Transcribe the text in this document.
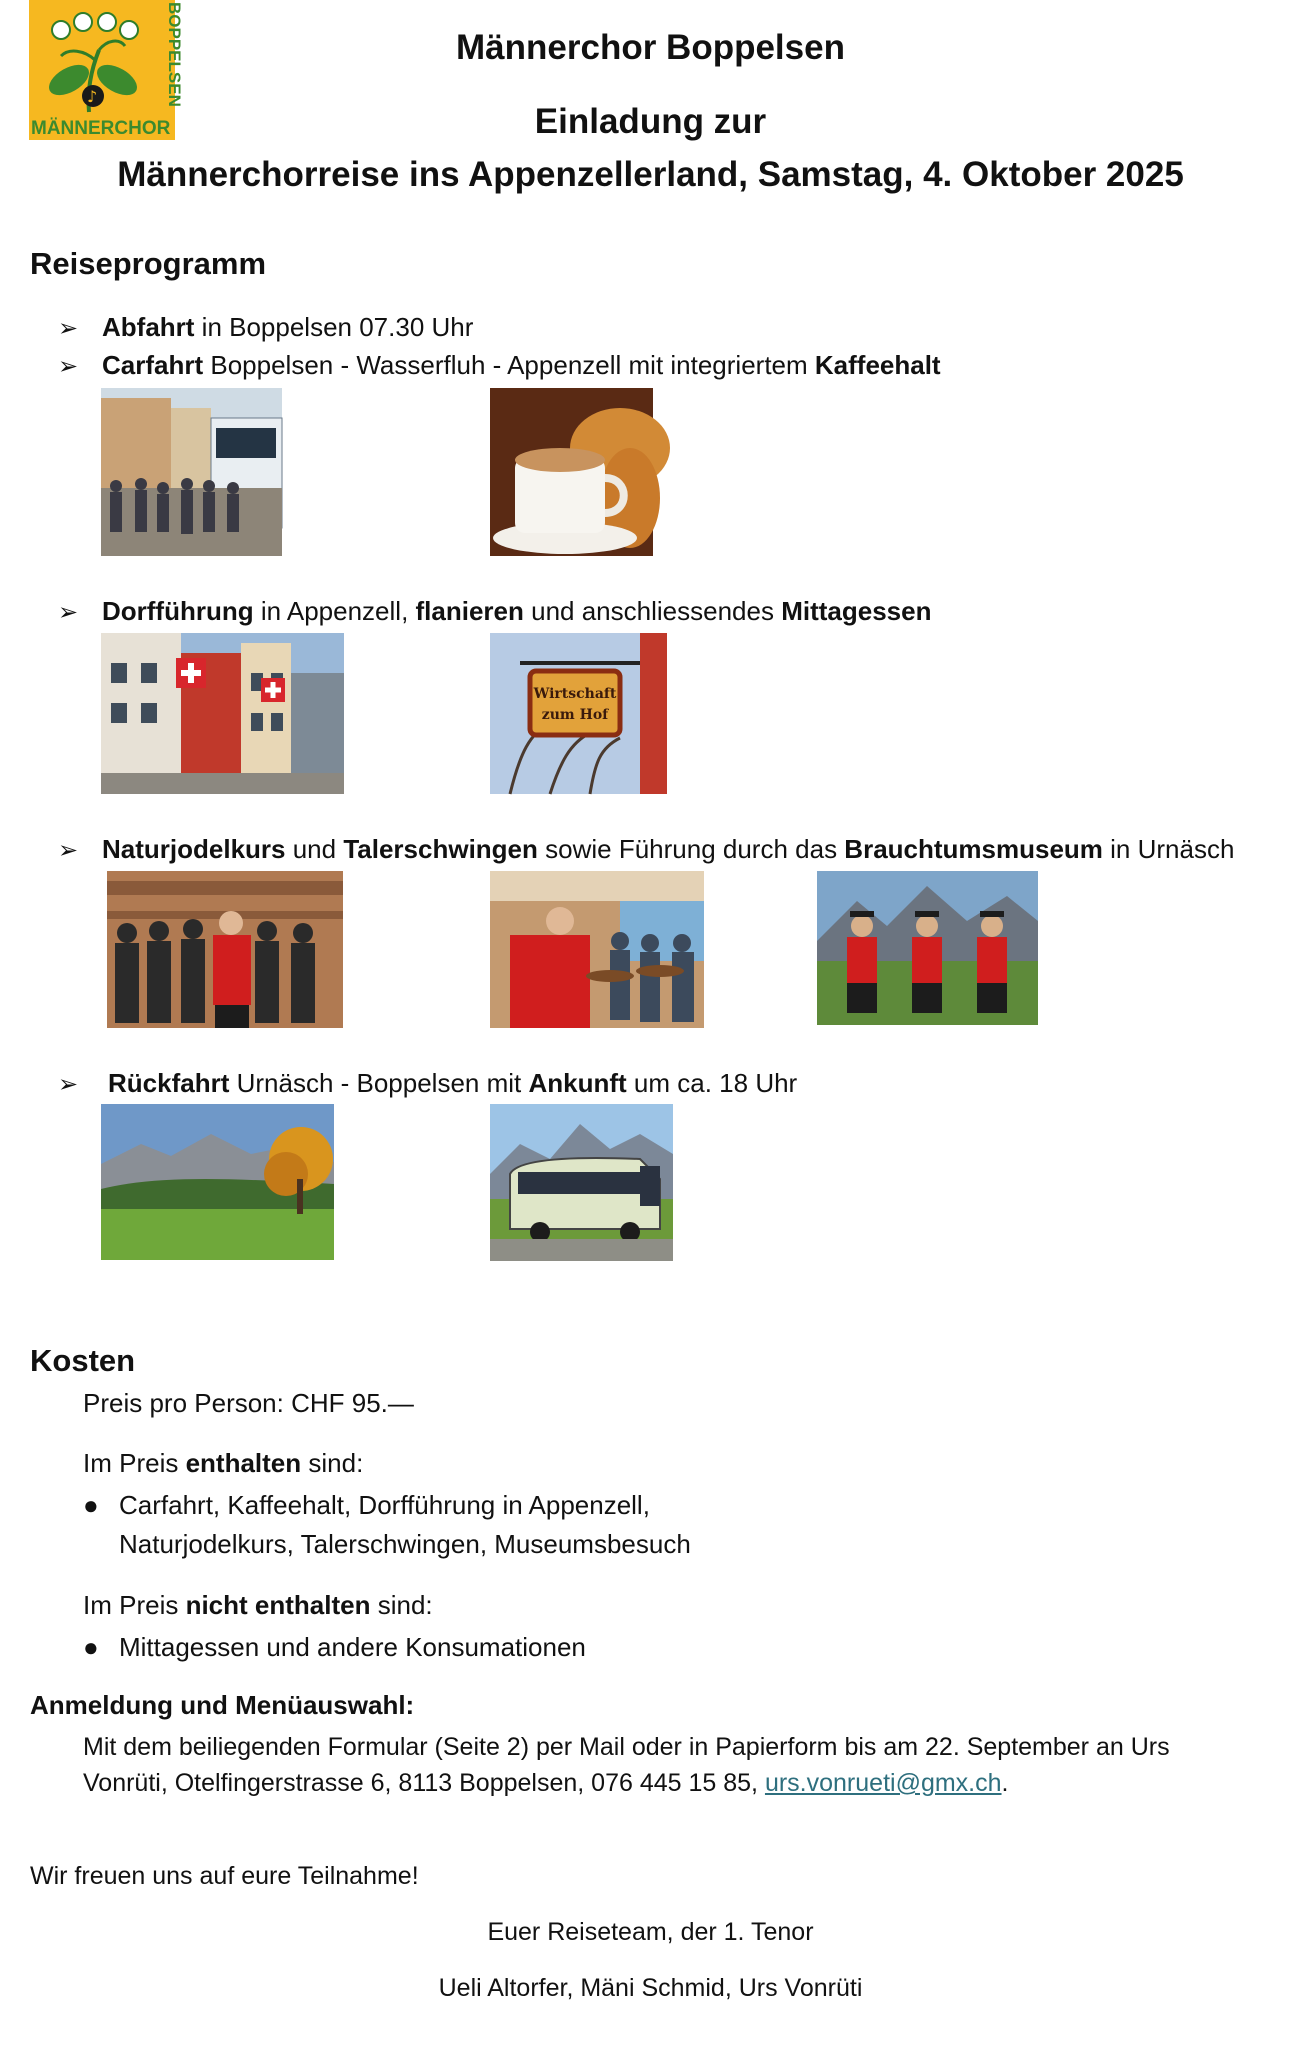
♪
MÄNNERCHOR
BOPPELSEN	Männerchor Boppelsen
Einladung zur
Männerchorreise ins Appenzellerland, Samstag, 4. Oktober 2025
Reiseprogramm
➢ Abfahrt in Boppelsen 07.30 Uhr
➢ Carfahrt Boppelsen - Wasserfluh - Appenzell mit integriertem Kaffeehalt
➢ Dorfführung in Appenzell, flanieren und anschliessendes Mittagessen
Wirtschaft
zum Hof
➢ Naturjodelkurs und Talerschwingen sowie Führung durch das Brauchtumsmuseum in Urnäsch
➢ Rückfahrt Urnäsch - Boppelsen mit Ankunft um ca. 18 Uhr
Kosten
Preis pro Person: CHF 95.—
Im Preis enthalten sind:
● Carfahrt, Kaffeehalt, Dorfführung in Appenzell,
Naturjodelkurs, Talerschwingen, Museumsbesuch
Im Preis nicht enthalten sind:
● Mittagessen und andere Konsumationen
Anmeldung und Menüauswahl:
Mit dem beiliegenden Formular (Seite 2) per Mail oder in Papierform bis am 22. September an Urs
Vonrüti, Otelfingerstrasse 6, 8113 Boppelsen, 076 445 15 85, urs.vonrueti@gmx.ch.
Wir freuen uns auf eure Teilnahme!
Euer Reiseteam, der 1. Tenor
Ueli Altorfer, Mäni Schmid, Urs Vonrüti
